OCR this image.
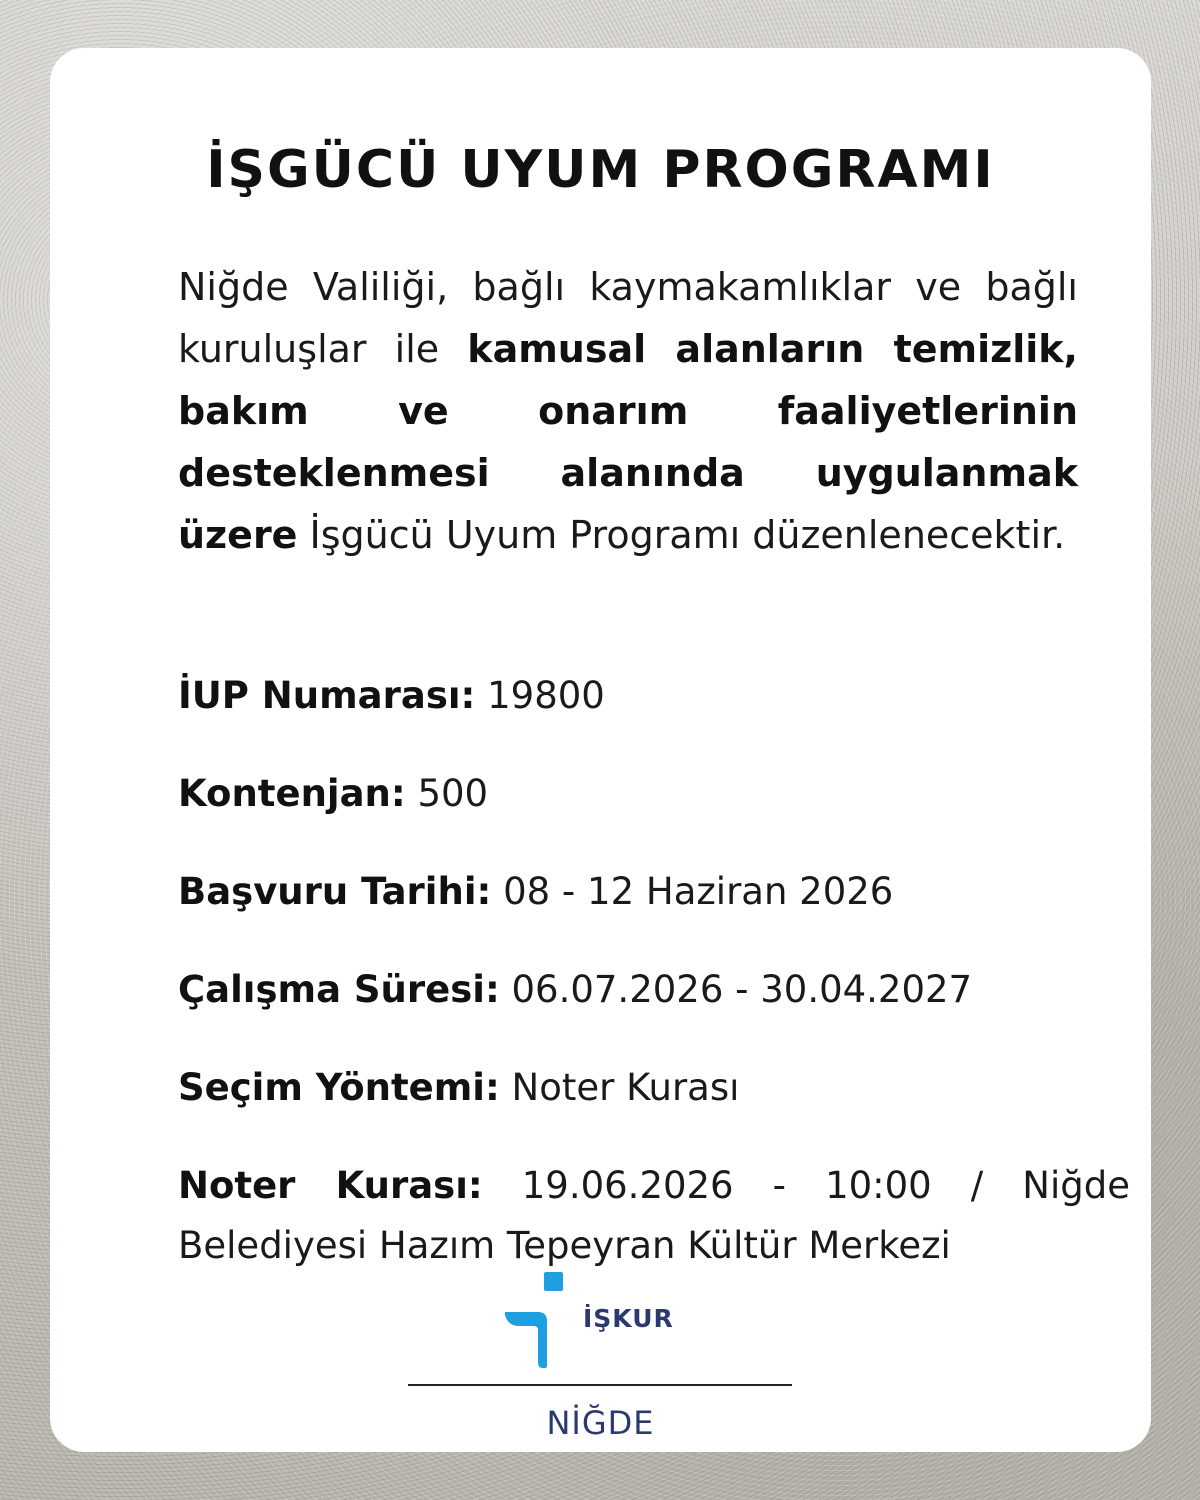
İŞGÜCÜ UYUM PROGRAMI

Niğde Valiliği, bağlı kaymakamlıklar ve bağlı kuruluşlar ile kamusal alanların temizlik, bakım ve onarım faaliyetlerinin desteklenmesi alanında uygulanmak üzere İşgücü Uyum Programı düzenlenecektir.

İUP Numarası: 19800

Kontenjan: 500

Başvuru Tarihi: 08 - 12 Haziran 2026

Çalışma Süresi: 06.07.2026 - 30.04.2027

Seçim Yöntemi: Noter Kurası

Noter Kurası: 19.06.2026 - 10:00 / Niğde Belediyesi Hazım Tepeyran Kültür Merkezi

İŞKUR
NİĞDE
